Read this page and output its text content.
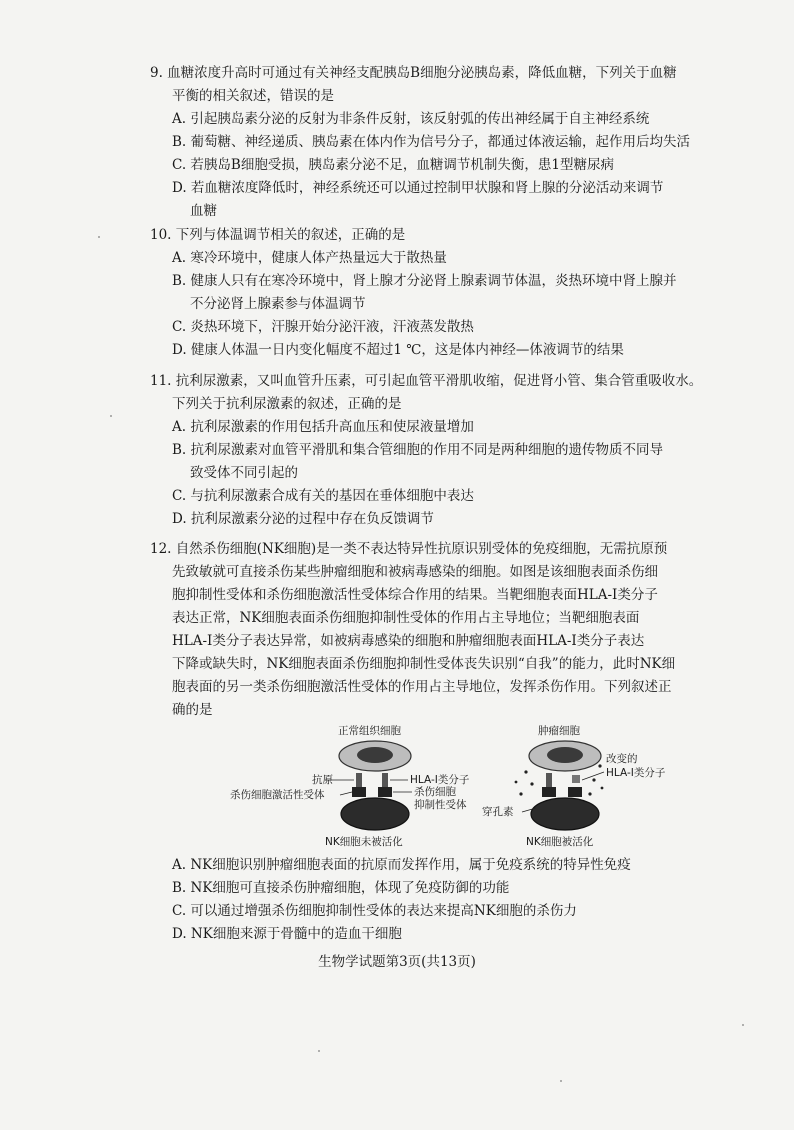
9. 血糖浓度升高时可通过有关神经支配胰岛B细胞分泌胰岛素，降低血糖，下列关于血糖
平衡的相关叙述，错误的是

A. 引起胰岛素分泌的反射为非条件反射，该反射弧的传出神经属于自主神经系统

B. 葡萄糖、神经递质、胰岛素在体内作为信号分子，都通过体液运输，起作用后均失活

C. 若胰岛B细胞受损，胰岛素分泌不足，血糖调节机制失衡，患1型糖尿病

D. 若血糖浓度降低时，神经系统还可以通过控制甲状腺和肾上腺的分泌活动来调节
血糖

10. 下列与体温调节相关的叙述，正确的是

A. 寒冷环境中，健康人体产热量远大于散热量

B. 健康人只有在寒冷环境中，肾上腺才分泌肾上腺素调节体温，炎热环境中肾上腺并
不分泌肾上腺素参与体温调节

C. 炎热环境下，汗腺开始分泌汗液，汗液蒸发散热

D. 健康人体温一日内变化幅度不超过1 ℃，这是体内神经—体液调节的结果

11. 抗利尿激素，又叫血管升压素，可引起血管平滑肌收缩，促进肾小管、集合管重吸收水。
下列关于抗利尿激素的叙述，正确的是

A. 抗利尿激素的作用包括升高血压和使尿液量增加

B. 抗利尿激素对血管平滑肌和集合管细胞的作用不同是两种细胞的遗传物质不同导
致受体不同引起的

C. 与抗利尿激素合成有关的基因在垂体细胞中表达

D. 抗利尿激素分泌的过程中存在负反馈调节

12. 自然杀伤细胞(NK细胞)是一类不表达特异性抗原识别受体的免疫细胞，无需抗原预
先致敏就可直接杀伤某些肿瘤细胞和被病毒感染的细胞。如图是该细胞表面杀伤细
胞抑制性受体和杀伤细胞激活性受体综合作用的结果。当靶细胞表面HLA-Ⅰ类分子
表达正常，NK细胞表面杀伤细胞抑制性受体的作用占主导地位；当靶细胞表面
HLA-Ⅰ类分子表达异常，如被病毒感染的细胞和肿瘤细胞表面HLA-Ⅰ类分子表达
下降或缺失时，NK细胞表面杀伤细胞抑制性受体丧失识别“自我”的能力，此时NK细
胞表面的另一类杀伤细胞激活性受体的作用占主导地位，发挥杀伤作用。下列叙述正
确的是

正常组织细胞
抗原	HLA-Ⅰ类分子
杀伤细胞激活性受体	杀伤细胞
抑制性受体
NK细胞未被活化
肿瘤细胞
改变的
HLA-Ⅰ类分子
穿孔素
NK细胞被活化

A. NK细胞识别肿瘤细胞表面的抗原而发挥作用，属于免疫系统的特异性免疫

B. NK细胞可直接杀伤肿瘤细胞，体现了免疫防御的功能

C. 可以通过增强杀伤细胞抑制性受体的表达来提高NK细胞的杀伤力

D. NK细胞来源于骨髓中的造血干细胞

生物学试题第3页(共13页)
